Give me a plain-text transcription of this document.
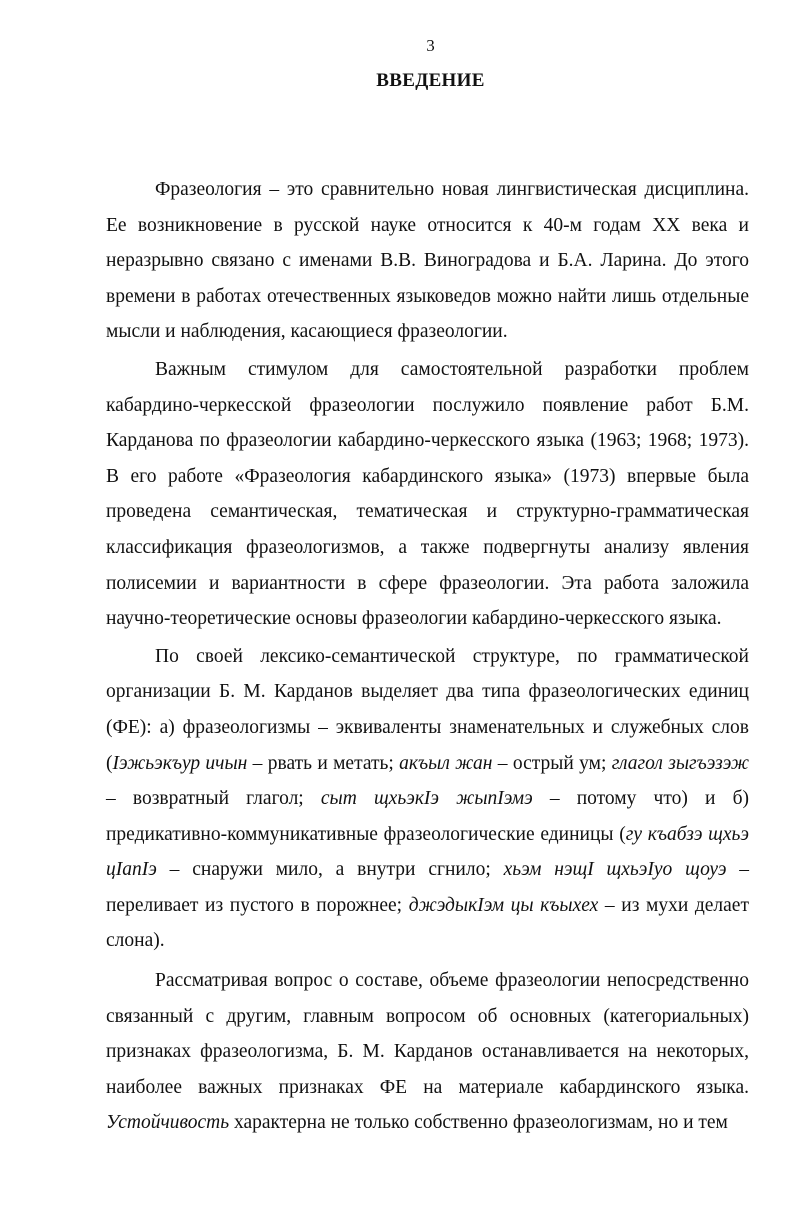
3
ВВЕДЕНИЕ

Фразеология – это сравнительно новая лингвистическая дисциплина. Ее возникновение в русской науке относится к 40-м годам XX века и неразрывно связано с именами В.В. Виноградова и Б.А. Ларина. До этого времени в работах отечественных языковедов можно найти лишь отдельные мысли и наблюдения, касающиеся фразеологии.

Важным стимулом для самостоятельной разработки проблем кабардино-черкесской фразеологии послужило появление работ Б.М. Карданова по фразеологии кабардино-черкесского языка (1963; 1968; 1973). В его работе «Фразеология кабардинского языка» (1973) впервые была проведена семантическая, тематическая и структурно-грамматическая классификация фразеологизмов, а также подвергнуты анализу явления полисемии и вариантности в сфере фразеологии. Эта работа заложила научно-теоретические основы фразеологии кабардино-черкесского языка.

По своей лексико-семантической структуре, по грамматической организации Б. М. Карданов выделяет два типа фразеологических единиц (ФЕ): а) фразеологизмы – эквиваленты знаменательных и служебных слов (Iэжьэкъур ичын – рвать и метать; акъыл жан – острый ум; глагол зыгъэзэж – возвратный глагол; сыт щхьэкIэ жыпIэмэ – потому что) и б) предикативно-коммуникативные фразеологические единицы (гу къабзэ щхьэ цIапIэ – снаружи мило, а внутри сгнило; хьэм нэщI щхьэIуо щоуэ – переливает из пустого в порожнее; джэдыкIэм цы къыхех – из мухи делает слона).

Рассматривая вопрос о составе, объеме фразеологии непосредственно связанный с другим, главным вопросом об основных (категориальных) признаках фразеологизма, Б. М. Карданов останавливается на некоторых, наиболее важных признаках ФЕ на материале кабардинского языка. Устойчивость характерна не только собственно фразеологизмам, но и тем
